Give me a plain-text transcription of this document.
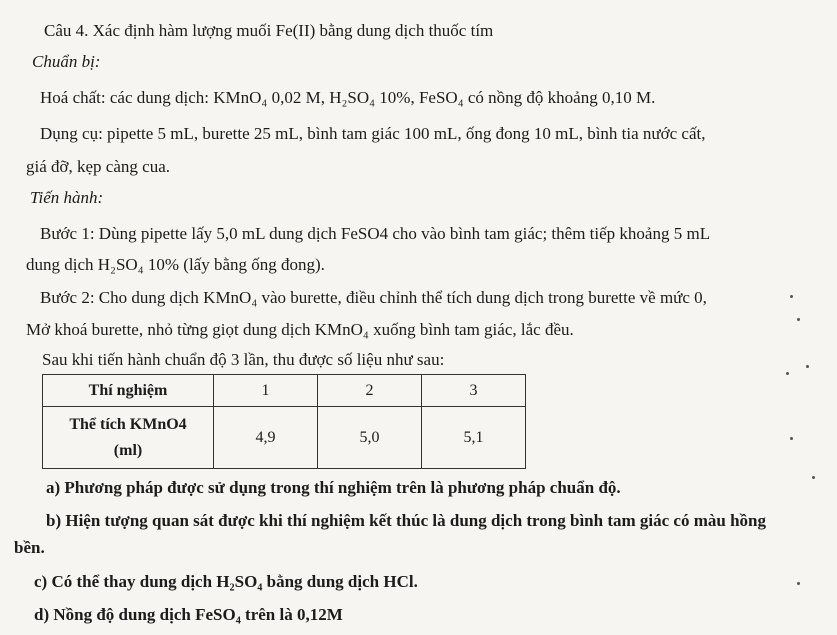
Câu 4. Xác định hàm lượng muối Fe(II) bằng dung dịch thuốc tím
Chuẩn bị:
Hoá chất: các dung dịch: KMnO₄ 0,02 M, H₂SO₄ 10%, FeSO₄ có nồng độ khoảng 0,10 M.
Dụng cụ: pipette 5 mL, burette 25 mL, bình tam giác 100 mL, ống đong 10 mL, bình tia nước cất,
giá đỡ, kẹp càng cua.
Tiến hành:
Bước 1: Dùng pipette lấy 5,0 mL dung dịch FeSO4 cho vào bình tam giác; thêm tiếp khoảng 5 mL
dung dịch H₂SO₄ 10% (lấy bằng ống đong).
Bước 2: Cho dung dịch KMnO₄ vào burette, điều chỉnh thể tích dung dịch trong burette về mức 0,
Mở khoá burette, nhỏ từng giọt dung dịch KMnO₄ xuống bình tam giác, lắc đều.
Sau khi tiến hành chuẩn độ 3 lần, thu được số liệu như sau:
Thí nghiệm	1	2	3

Thể tích KMnO4
(ml)	4,9	5,0	5,1
a) Phương pháp được sử dụng trong thí nghiệm trên là phương pháp chuẩn độ.
b) Hiện tượng quan sát được khi thí nghiệm kết thúc là dung dịch trong bình tam giác có màu hồng
bền.
c) Có thể thay dung dịch H₂SO₄ bằng dung dịch HCl.
d) Nồng độ dung dịch FeSO₄ trên là 0,12M
